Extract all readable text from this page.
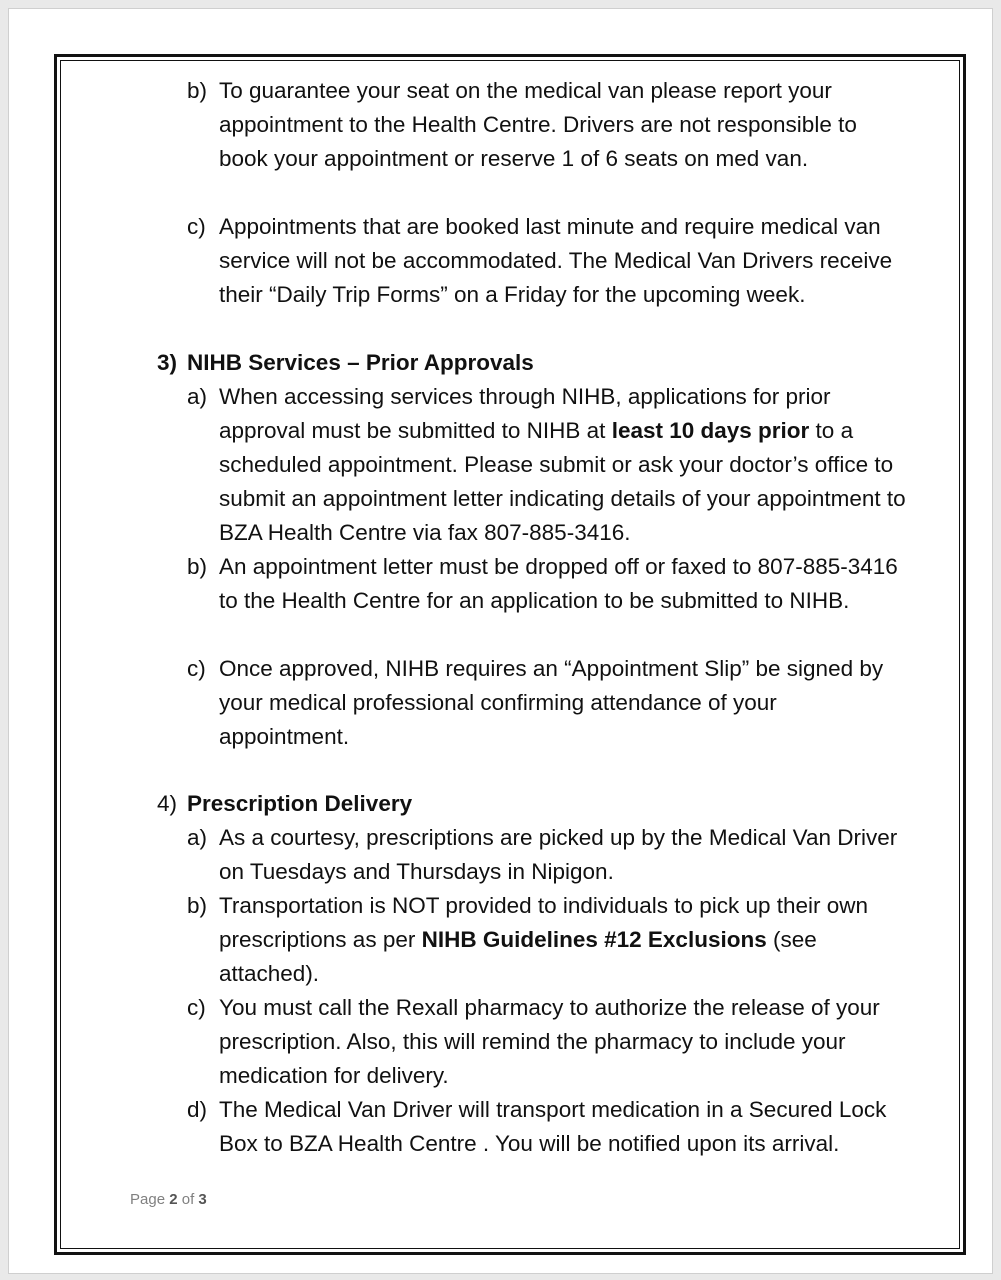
b) To guarantee your seat on the medical van please report your appointment to the Health Centre. Drivers are not responsible to book your appointment or reserve 1 of 6 seats on med van.
c) Appointments that are booked last minute and require medical van service will not be accommodated. The Medical Van Drivers receive their “Daily Trip Forms” on a Friday for the upcoming week.
3) NIHB Services – Prior Approvals
a) When accessing services through NIHB, applications for prior approval must be submitted to NIHB at least 10 days prior to a scheduled appointment. Please submit or ask your doctor’s office to submit an appointment letter indicating details of your appointment to BZA Health Centre via fax 807-885-3416.
b) An appointment letter must be dropped off or faxed to 807-885-3416 to the Health Centre for an application to be submitted to NIHB.
c) Once approved, NIHB requires an “Appointment Slip” be signed by your medical professional confirming attendance of your appointment.
4) Prescription Delivery
a) As a courtesy, prescriptions are picked up by the Medical Van Driver on Tuesdays and Thursdays in Nipigon.
b) Transportation is NOT provided to individuals to pick up their own prescriptions as per NIHB Guidelines #12 Exclusions (see attached).
c) You must call the Rexall pharmacy to authorize the release of your prescription. Also, this will remind the pharmacy to include your medication for delivery.
d) The Medical Van Driver will transport medication in a Secured Lock Box to BZA Health Centre . You will be notified upon its arrival.
Page 2 of 3
